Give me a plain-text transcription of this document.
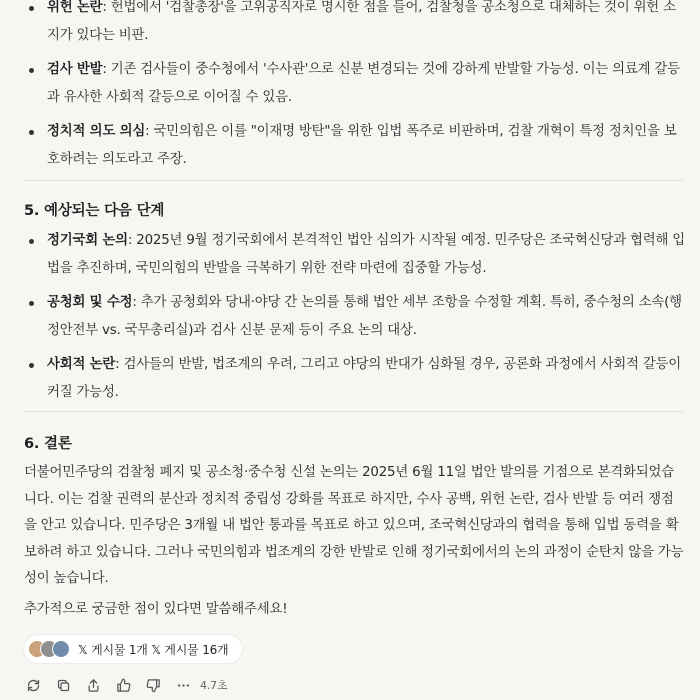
위헌 논란: 헌법에서 '검찰총장'을 고위공직자로 명시한 점을 들어, 검찰청을 공소청으로 대체하는 것이 위헌 소지가 있다는 비판.
검사 반발: 기존 검사들이 중수청에서 '수사관'으로 신분 변경되는 것에 강하게 반발할 가능성. 이는 의료계 갈등과 유사한 사회적 갈등으로 이어질 수 있음.
정치적 의도 의심: 국민의힘은 이를 "이재명 방탄"을 위한 입법 폭주로 비판하며, 검찰 개혁이 특정 정치인을 보호하려는 의도라고 주장.
5. 예상되는 다음 단계
정기국회 논의: 2025년 9월 정기국회에서 본격적인 법안 심의가 시작될 예정. 민주당은 조국혁신당과 협력해 입법을 추진하며, 국민의힘의 반발을 극복하기 위한 전략 마련에 집중할 가능성.
공청회 및 수정: 추가 공청회와 당내·야당 간 논의를 통해 법안 세부 조항을 수정할 계획. 특히, 중수청의 소속(행정안전부 vs. 국무총리실)과 검사 신분 문제 등이 주요 논의 대상.
사회적 논란: 검사들의 반발, 법조계의 우려, 그리고 야당의 반대가 심화될 경우, 공론화 과정에서 사회적 갈등이 커질 가능성.
6. 결론

더불어민주당의 검찰청 폐지 및 공소청·중수청 신설 논의는 2025년 6월 11일 법안 발의를 기점으로 본격화되었습니다. 이는 검찰 권력의 분산과 정치적 중립성 강화를 목표로 하지만, 수사 공백, 위헌 논란, 검사 반발 등 여러 쟁점을 안고 있습니다. 민주당은 3개월 내 법안 통과를 목표로 하고 있으며, 조국혁신당과의 협력을 통해 입법 동력을 확보하려 하고 있습니다. 그러나 국민의힘과 법조계의 강한 반발로 인해 정기국회에서의 논의 과정이 순탄치 않을 가능성이 높습니다.

추가적으로 궁금한 점이 있다면 말씀해주세요!

𝕏 게시물 1개 𝕏 게시물 16개
4.7초
